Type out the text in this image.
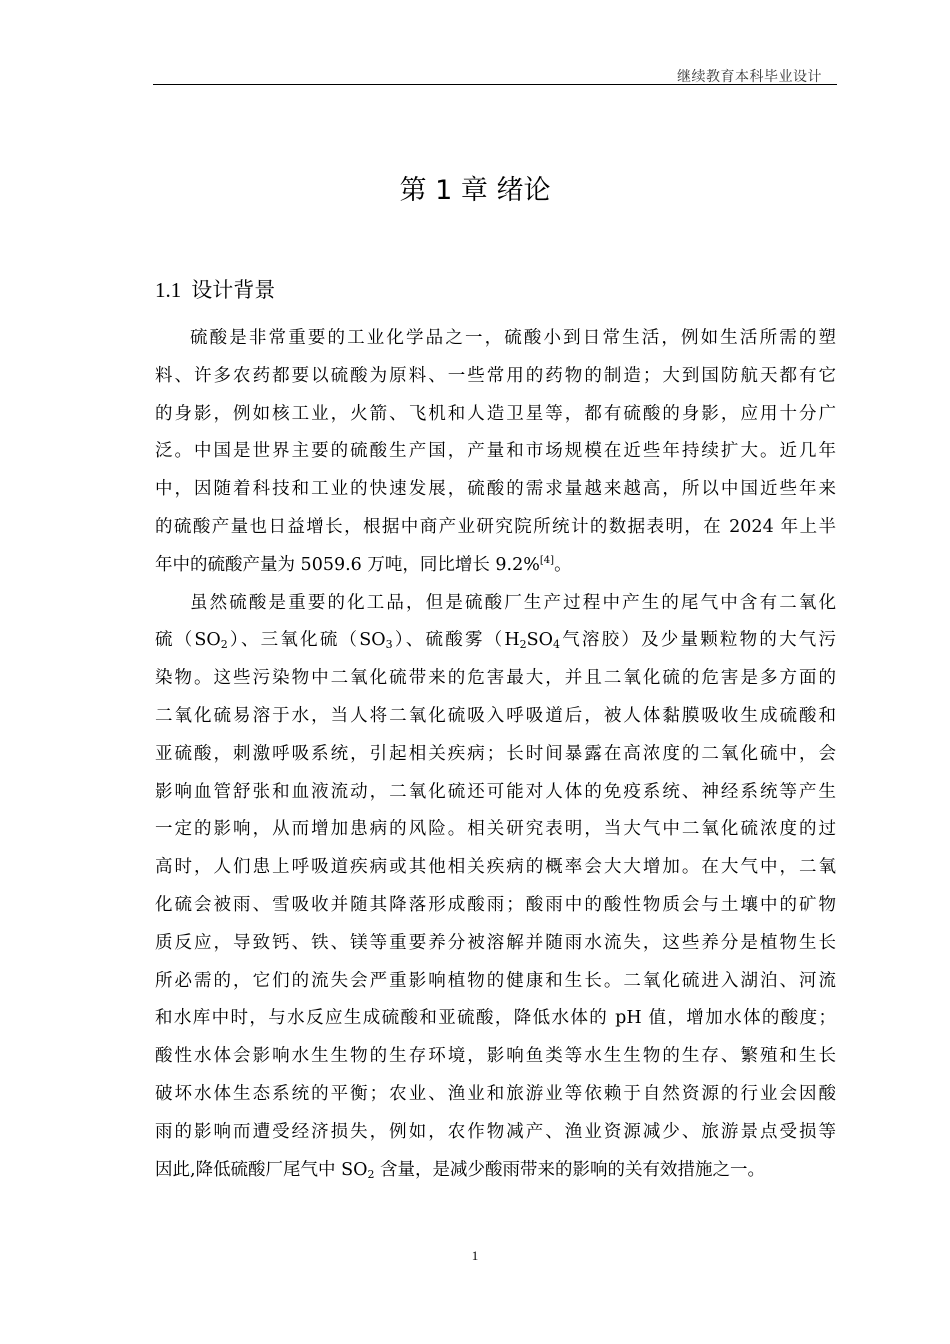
继续教育本科毕业设计
第 1 章 绪论
1.1 设计背景
硫酸是非常重要的工业化学品之一，硫酸小到日常生活，例如生活所需的塑
料、许多农药都要以硫酸为原料、一些常用的药物的制造；大到国防航天都有它
的身影，例如核工业，火箭、飞机和人造卫星等，都有硫酸的身影，应用十分广
泛。中国是世界主要的硫酸生产国，产量和市场规模在近些年持续扩大。近几年
中，因随着科技和工业的快速发展，硫酸的需求量越来越高，所以中国近些年来
的硫酸产量也日益增长，根据中商产业研究院所统计的数据表明，在 2024 年上半
年中的硫酸产量为 5059.6 万吨，同比增长 9.2%[4]。
虽然硫酸是重要的化工品，但是硫酸厂生产过程中产生的尾气中含有二氧化
硫$(SO_2)$、三氧化硫$(SO_3)$、硫酸雾（$H_2SO_4$气溶胶）及少量颗粒物的大气污
染物。这些污染物中二氧化硫带来的危害最大，并且二氧化硫的危害是多方面的
二氧化硫易溶于水，当人将二氧化硫吸入呼吸道后，被人体黏膜吸收生成硫酸和
亚硫酸，刺激呼吸系统，引起相关疾病；长时间暴露在高浓度的二氧化硫中，会
影响血管舒张和血液流动，二氧化硫还可能对人体的免疫系统、神经系统等产生
一定的影响，从而增加患病的风险。相关研究表明，当大气中二氧化硫浓度的过
高时，人们患上呼吸道疾病或其他相关疾病的概率会大大增加。在大气中，二氧
化硫会被雨、雪吸收并随其降落形成酸雨；酸雨中的酸性物质会与土壤中的矿物
质反应，导致钙、铁、镁等重要养分被溶解并随雨水流失，这些养分是植物生长
所必需的，它们的流失会严重影响植物的健康和生长。二氧化硫进入湖泊、河流
和水库中时，与水反应生成硫酸和亚硫酸，降低水体的 pH 值，增加水体的酸度；
酸性水体会影响水生生物的生存环境，影响鱼类等水生生物的生存、繁殖和生长
破坏水体生态系统的平衡；农业、渔业和旅游业等依赖于自然资源的行业会因酸
雨的影响而遭受经济损失，例如，农作物减产、渔业资源减少、旅游景点受损等
因此,降低硫酸厂尾气中 $SO_2$ 含量，是减少酸雨带来的影响的关有效措施之一。
1
